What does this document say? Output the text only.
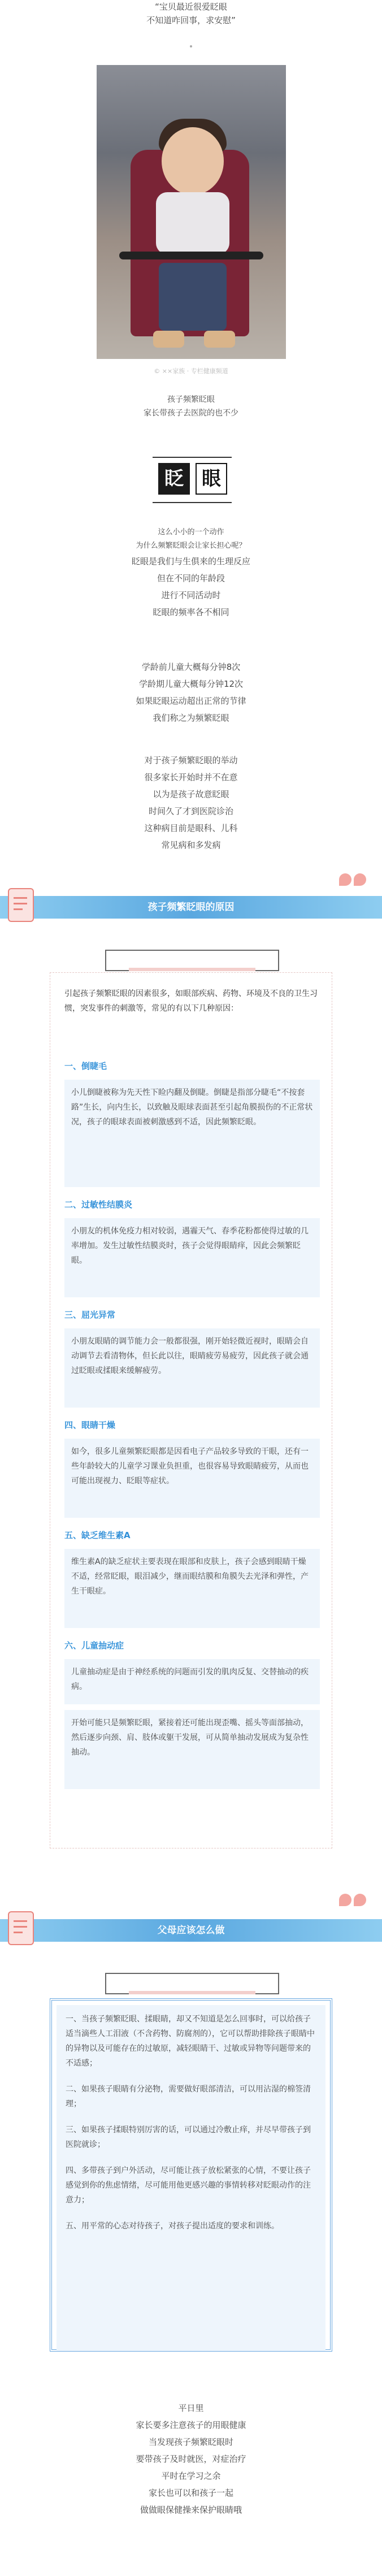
“宝贝最近很爱眨眼
不知道咋回事，求安慰”
© ××家族 · 专栏健康频道
孩子频繁眨眼
家长带孩子去医院的也不少
眨 眼
这么小小的一个动作
为什么频繁眨眼会让家长担心呢？
眨眼是我们与生俱来的生理反应
但在不同的年龄段
进行不同活动时
眨眼的频率各不相同
学龄前儿童大概每分钟8次
学龄期儿童大概每分钟12次
如果眨眼运动超出正常的节律
我们称之为频繁眨眼
对于孩子频繁眨眼的举动
很多家长开始时并不在意
以为是孩子故意眨眼
时间久了才到医院诊治
这种病目前是眼科、儿科
常见病和多发病
孩子频繁眨眼的原因
引起孩子频繁眨眼的因素很多，如眼部疾病、药物、环境及不良的卫生习惯，突发事件的刺激等，常见的有以下几种原因：
一、倒睫毛
小儿倒睫被称为先天性下睑内翻及倒睫。倒睫是指部分睫毛“不按套路”生长，向内生长，以致触及眼球表面甚至引起角膜损伤的不正常状况，孩子的眼球表面被刺激感到不适，因此频繁眨眼。
二、过敏性结膜炎
小朋友的机体免疫力相对较弱，遇霾天气、春季花粉都使得过敏的几率增加。发生过敏性结膜炎时，孩子会觉得眼睛痒，因此会频繁眨眼。
三、屈光异常
小朋友眼睛的调节能力会一般都很强，刚开始轻微近视时，眼睛会自动调节去看清物体，但长此以往，眼睛疲劳易疲劳，因此孩子就会通过眨眼或揉眼来缓解疲劳。
四、眼睛干燥
如今，很多儿童频繁眨眼都是因看电子产品较多导致的干眼，还有一些年龄较大的儿童学习课业负担重，也很容易导致眼睛疲劳，从而也可能出现视力、眨眼等症状。
五、缺乏维生素A
维生素A的缺乏症状主要表现在眼部和皮肤上，孩子会感到眼睛干燥不适，经常眨眼，眼泪减少，继而眼结膜和角膜失去光泽和弹性，产生干眼症。
六、儿童抽动症
儿童抽动症是由于神经系统的问题而引发的肌肉反复、交替抽动的疾病。
开始可能只是频繁眨眼，紧接着还可能出现歪嘴、摇头等面部抽动，然后逐步向颈、肩、肢体或躯干发展，可从简单抽动发展成为复杂性抽动。
父母应该怎么做

一、当孩子频繁眨眼、揉眼睛，却又不知道是怎么回事时，可以给孩子适当滴些人工泪液（不含药物、防腐剂的），它可以帮助排除孩子眼睛中的异物以及可能存在的过敏原，减轻眼睛干、过敏或异物等问题带来的不适感；

二、如果孩子眼睛有分泌物，需要做好眼部清洁，可以用沾湿的棉签清理；

三、如果孩子揉眼特别厉害的话，可以通过冷敷止痒，并尽早带孩子到医院就诊；

四、多带孩子到户外活动，尽可能让孩子放松紧张的心情，不要让孩子感觉到你的焦虑情绪，尽可能用他更感兴趣的事情转移对眨眼动作的注意力；

五、用平常的心态对待孩子，对孩子提出适度的要求和训练。

平日里
家长要多注意孩子的用眼健康
当发现孩子频繁眨眼时
要带孩子及时就医，对症治疗
平时在学习之余
家长也可以和孩子一起
做做眼保健操来保护眼睛哦
